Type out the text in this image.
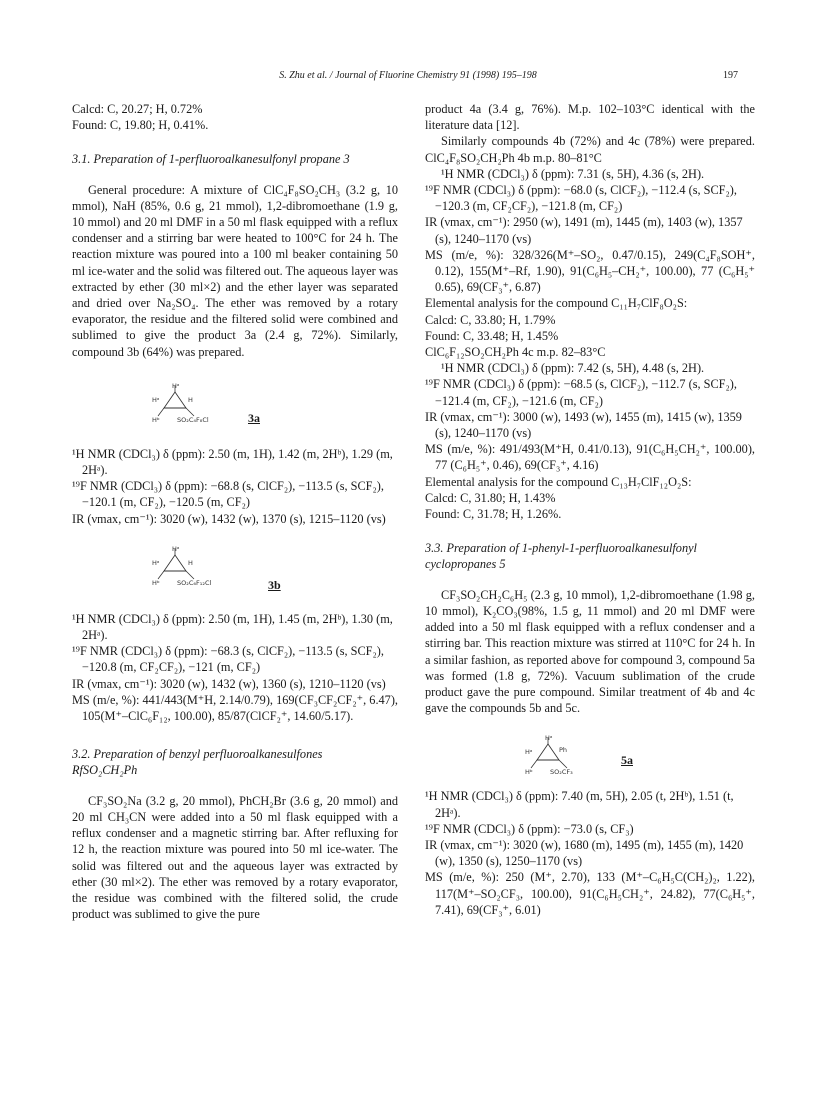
S. Zhu et al. / Journal of Fluorine Chemistry 91 (1998) 195–198	197

Calcd: C, 20.27; H, 0.72%

Found: C, 19.80; H, 0.41%.

3.1. Preparation of 1-perfluoroalkanesulfonyl propane 3

General procedure: A mixture of ClC₄F₈SO₂CH₃ (3.2 g, 10 mmol), NaH (85%, 0.6 g, 21 mmol), 1,2-dibromoethane (1.9 g, 10 mmol) and 20 ml DMF in a 50 ml flask equipped with a reflux condenser and a stirring bar were heated to 100°C for 24 h. The reaction mixture was poured into a 100 ml beaker containing 50 ml ice-water and the solid was filtered out. The aqueous layer was extracted by ether (30 ml×2) and the ether layer was separated and dried over Na₂SO₄. The ether was removed by a rotary evaporator, the residue and the filtered solid were combined and sublimed to give the product 3a (2.4 g, 72%). Similarly, compound 3b (64%) was prepared.

Hᵃ
Hᵃ	H
Hᵇ	SO₂C₄F₈Cl	3a

¹H NMR (CDCl₃) δ (ppm): 2.50 (m, 1H), 1.42 (m, 2Hᵇ), 1.29 (m, 2Hᵃ).

¹⁹F NMR (CDCl₃) δ (ppm): −68.8 (s, ClCF₂), −113.5 (s, SCF₂), −120.1 (m, CF₂), −120.5 (m, CF₂)

IR (νmax, cm⁻¹): 3020 (w), 1432 (w), 1370 (s), 1215–1120 (vs)

Hᵃ
Hᵃ	H
Hᵇ	SO₂C₆F₁₂Cl	3b

¹H NMR (CDCl₃) δ (ppm): 2.50 (m, 1H), 1.45 (m, 2Hᵇ), 1.30 (m, 2Hᵃ).

¹⁹F NMR (CDCl₃) δ (ppm): −68.3 (s, ClCF₂), −113.5 (s, SCF₂), −120.8 (m, CF₂CF₂), −121 (m, CF₂)

IR (νmax, cm⁻¹): 3020 (w), 1432 (w), 1360 (s), 1210–1120 (vs)

MS (m/e, %): 441/443(M⁺H, 2.14/0.79), 169(CF₃CF₂CF₂⁺, 6.47), 105(M⁺–ClC₆F₁₂, 100.00), 85/87(ClCF₂⁺, 14.60/5.17).

3.2. Preparation of benzyl perfluoroalkanesulfones

RfSO₂CH₂Ph

CF₃SO₂Na (3.2 g, 20 mmol), PhCH₂Br (3.6 g, 20 mmol) and 20 ml CH₃CN were added into a 50 ml flask equipped with a reflux condenser and a magnetic stirring bar. After refluxing for 12 h, the reaction mixture was poured into 50 ml ice-water. The solid was filtered out and the aqueous layer was extracted by ether (30 ml×2). The ether was removed by a rotary evaporator, the residue was combined with the filtered solid, the crude product was sublimed to give the pure

product 4a (3.4 g, 76%). M.p. 102–103°C identical with the literature data [12].

Similarly compounds 4b (72%) and 4c (78%) were prepared. ClC₄F₈SO₂CH₂Ph 4b m.p. 80–81°C

¹H NMR (CDCl₃) δ (ppm): 7.31 (s, 5H), 4.36 (s, 2H).

¹⁹F NMR (CDCl₃) δ (ppm): −68.0 (s, ClCF₂), −112.4 (s, SCF₂), −120.3 (m, CF₂CF₂), −121.8 (m, CF₂)

IR (νmax, cm⁻¹): 2950 (w), 1491 (m), 1445 (m), 1403 (w), 1357 (s), 1240–1170 (vs)

MS (m/e, %): 328/326(M⁺–SO₂, 0.47/0.15), 249(C₄F₈SOH⁺, 0.12), 155(M⁺–Rf, 1.90), 91(C₆H₅–CH₂⁺, 100.00), 77 (C₆H₅⁺ 0.65), 69(CF₃⁺, 6.87)

Elemental analysis for the compound C₁₁H₇ClF₈O₂S:

Calcd: C, 33.80; H, 1.79%

Found: C, 33.48; H, 1.45%

ClC₆F₁₂SO₂CH₂Ph 4c m.p. 82–83°C

¹H NMR (CDCl₃) δ (ppm): 7.42 (s, 5H), 4.48 (s, 2H).

¹⁹F NMR (CDCl₃) δ (ppm): −68.5 (s, ClCF₂), −112.7 (s, SCF₂), −121.4 (m, CF₂), −121.6 (m, CF₂)

IR (νmax, cm⁻¹): 3000 (w), 1493 (w), 1455 (m), 1415 (w), 1359 (s), 1240–1170 (vs)

MS (m/e, %): 491/493(M⁺H, 0.41/0.13), 91(C₆H₅CH₂⁺, 100.00), 77 (C₆H₅⁺, 0.46), 69(CF₃⁺, 4.16)

Elemental analysis for the compound C₁₃H₇ClF₁₂O₂S:

Calcd: C, 31.80; H, 1.43%

Found: C, 31.78; H, 1.26%.

3.3. Preparation of 1-phenyl-1-perfluoroalkanesulfonyl

cyclopropanes 5

CF₃SO₂CH₂C₆H₅ (2.3 g, 10 mmol), 1,2-dibromoethane (1.98 g, 10 mmol), K₂CO₃(98%, 1.5 g, 11 mmol) and 20 ml DMF were added into a 50 ml flask equipped with a reflux condenser and a stirring bar. This reaction mixture was stirred at 110°C for 24 h. In a similar fashion, as reported above for compound 3, compound 5a was formed (1.8 g, 72%). Vacuum sublimation of the crude product gave the pure compound. Similar treatment of 4b and 4c gave the compounds 5b and 5c.

Hᵃ
Hᵃ	Ph
Hᵇ	SO₂CF₃
5a

¹H NMR (CDCl₃) δ (ppm): 7.40 (m, 5H), 2.05 (t, 2Hᵇ), 1.51 (t, 2Hᵃ).

¹⁹F NMR (CDCl₃) δ (ppm): −73.0 (s, CF₃)

IR (νmax, cm⁻¹): 3020 (w), 1680 (m), 1495 (m), 1455 (m), 1420 (w), 1350 (s), 1250–1170 (vs)

MS (m/e, %): 250 (M⁺, 2.70), 133 (M⁺–C₆H₅C(CH₂)₂, 1.22), 117(M⁺–SO₂CF₃, 100.00), 91(C₆H₅CH₂⁺, 24.82), 77(C₆H₅⁺, 7.41), 69(CF₃⁺, 6.01)
